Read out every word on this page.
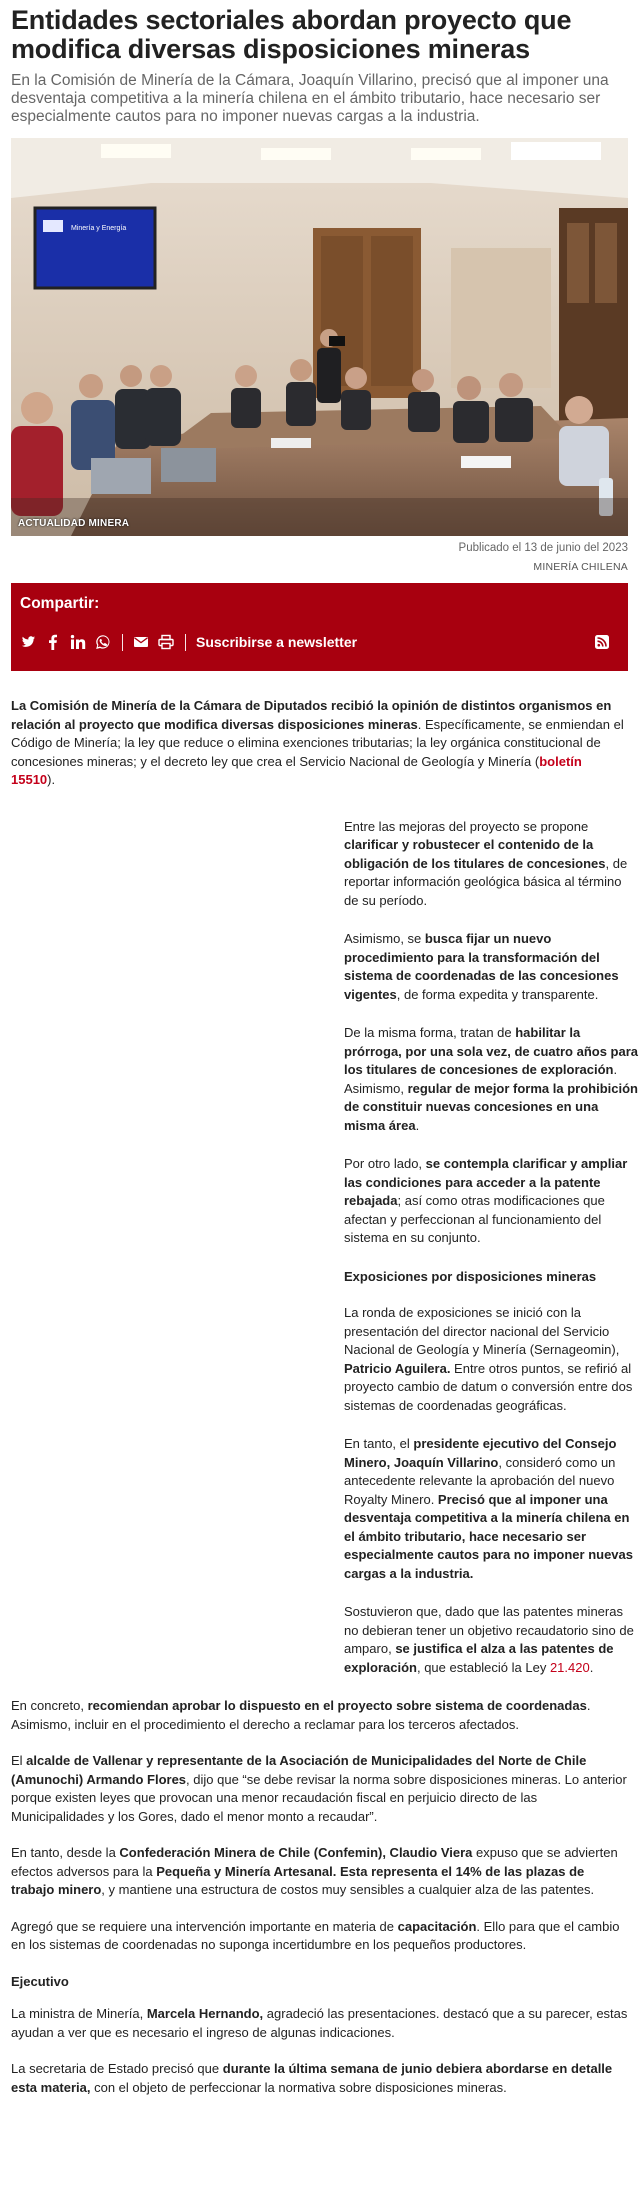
Entidades sectoriales abordan proyecto que modifica diversas disposiciones mineras

En la Comisión de Minería de la Cámara, Joaquín Villarino, precisó que al imponer una desventaja competitiva a la minería chilena en el ámbito tributario, hace necesario ser especialmente cautos para no imponer nuevas cargas a la industria.

Minería y Energía
ACTUALIDAD MINERA
Publicado el 13 de junio del 2023
MINERÍA CHILENA
Compartir:
Suscribirse a newsletter

La Comisión de Minería de la Cámara de Diputados recibió la opinión de distintos organismos en relación al proyecto que modifica diversas disposiciones mineras. Específicamente, se enmiendan el Código de Minería; la ley que reduce o elimina exenciones tributarias; la ley orgánica constitucional de concesiones mineras; y el decreto ley que crea el Servicio Nacional de Geología y Minería (boletín 15510).

Entre las mejoras del proyecto se propone clarificar y robustecer el contenido de la obligación de los titulares de concesiones, de reportar información geológica básica al término de su período.

Asimismo, se busca fijar un nuevo procedimiento para la transformación del sistema de coordenadas de las concesiones vigentes, de forma expedita y transparente.

De la misma forma, tratan de habilitar la prórroga, por una sola vez, de cuatro años para los titulares de concesiones de exploración. Asimismo, regular de mejor forma la prohibición de constituir nuevas concesiones en una misma área.

Por otro lado, se contempla clarificar y ampliar las condiciones para acceder a la patente rebajada; así como otras modificaciones que afectan y perfeccionan al funcionamiento del sistema en su conjunto.

Exposiciones por disposiciones mineras

La ronda de exposiciones se inició con la presentación del director nacional del Servicio Nacional de Geología y Minería (Sernageomin), Patricio Aguilera. Entre otros puntos, se refirió al proyecto cambio de datum o conversión entre dos sistemas de coordenadas geográficas.

En tanto, el presidente ejecutivo del Consejo Minero, Joaquín Villarino, consideró como un antecedente relevante la aprobación del nuevo Royalty Minero. Precisó que al imponer una desventaja competitiva a la minería chilena en el ámbito tributario, hace necesario ser especialmente cautos para no imponer nuevas cargas a la industria.

Sostuvieron que, dado que las patentes mineras no debieran tener un objetivo recaudatorio sino de amparo, se justifica el alza a las patentes de exploración, que estableció la Ley 21.420.

En concreto, recomiendan aprobar lo dispuesto en el proyecto sobre sistema de coordenadas. Asimismo, incluir en el procedimiento el derecho a reclamar para los terceros afectados.

El alcalde de Vallenar y representante de la Asociación de Municipalidades del Norte de Chile (Amunochi) Armando Flores, dijo que “se debe revisar la norma sobre disposiciones mineras. Lo anterior porque existen leyes que provocan una menor recaudación fiscal en perjuicio directo de las Municipalidades y los Gores, dado el menor monto a recaudar”.

En tanto, desde la Confederación Minera de Chile (Confemin), Claudio Viera expuso que se advierten efectos adversos para la Pequeña y Minería Artesanal. Esta representa el 14% de las plazas de trabajo minero, y mantiene una estructura de costos muy sensibles a cualquier alza de las patentes.

Agregó que se requiere una intervención importante en materia de capacitación. Ello para que el cambio en los sistemas de coordenadas no suponga incertidumbre en los pequeños productores.

Ejecutivo

La ministra de Minería, Marcela Hernando, agradeció las presentaciones. destacó que a su parecer, estas ayudan a ver que es necesario el ingreso de algunas indicaciones.

La secretaria de Estado precisó que durante la última semana de junio debiera abordarse en detalle esta materia, con el objeto de perfeccionar la normativa sobre disposiciones mineras.
